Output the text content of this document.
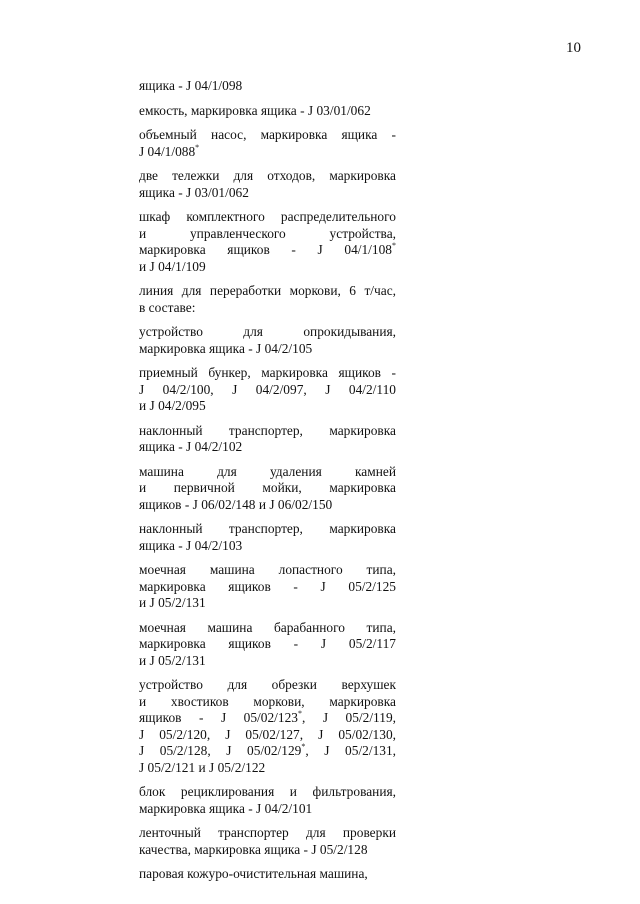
10
ящика - J 04/1/098
емкость, маркировка ящика - J 03/01/062
объемный насос, маркировка ящика -
J 04/1/088*
две тележки для отходов, маркировка
ящика - J 03/01/062
шкаф комплектного распределительного
и управленческого устройства,
маркировка ящиков - J 04/1/108*
и J 04/1/109
линия для переработки моркови, 6 т/час,
в составе:
устройство для опрокидывания,
маркировка ящика - J 04/2/105
приемный бункер, маркировка ящиков -
J 04/2/100, J 04/2/097, J 04/2/110
и J 04/2/095
наклонный транспортер, маркировка
ящика - J 04/2/102
машина для удаления камней
и первичной мойки, маркировка
ящиков - J 06/02/148 и J 06/02/150
наклонный транспортер, маркировка
ящика - J 04/2/103
моечная машина лопастного типа,
маркировка ящиков - J 05/2/125
и J 05/2/131
моечная машина барабанного типа,
маркировка ящиков - J 05/2/117
и J 05/2/131
устройство для обрезки верхушек
и хвостиков моркови, маркировка
ящиков - J 05/02/123*, J 05/2/119,
J 05/2/120, J 05/02/127, J 05/02/130,
J 05/2/128, J 05/02/129*, J 05/2/131,
J 05/2/121 и J 05/2/122
блок рециклирования и фильтрования,
маркировка ящика - J 04/2/101
ленточный транспортер для проверки
качества, маркировка ящика - J 05/2/128
паровая кожуро-очистительная машина,
